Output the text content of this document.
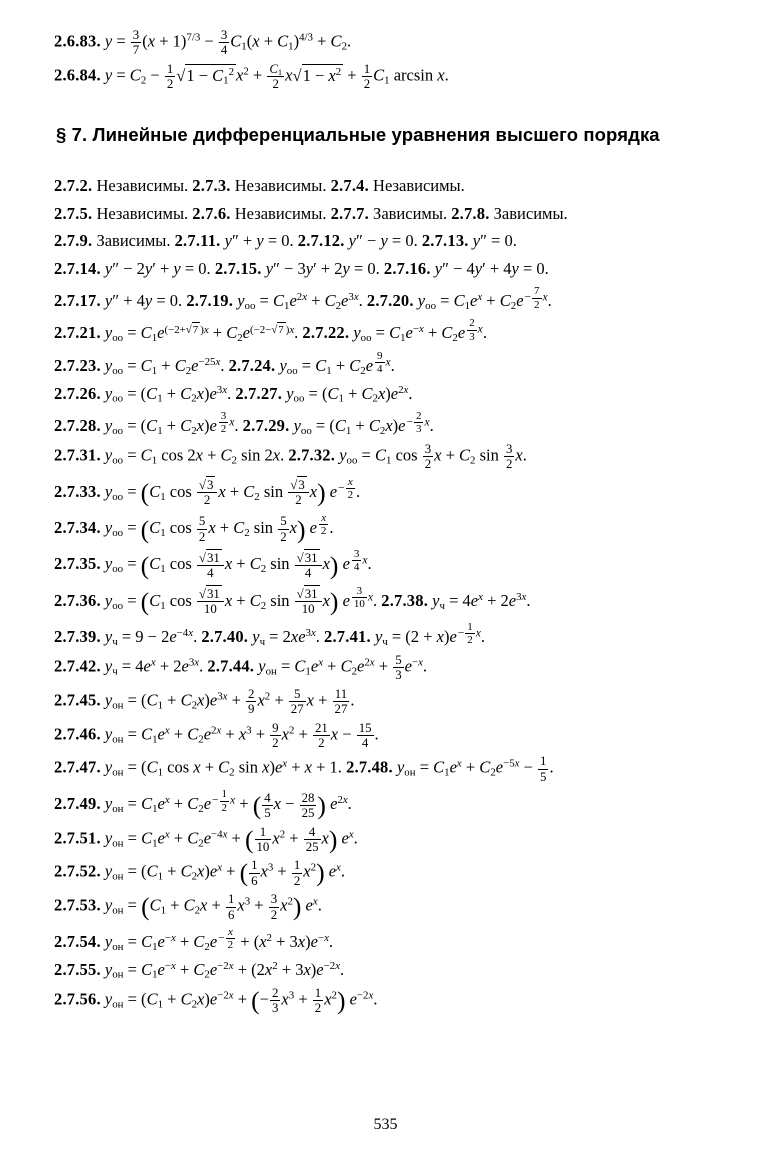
2.6.83. $y = \frac{3}{7} (x + 1)^{7/3} - \frac{3}{4} C_1(x + C_1)^{4/3} + C_2$.
2.6.84. $y = C_2 - \frac{1}{2} √1 - C_1^2$ $x^2 + \frac{C_1}{2} x√1 - x^2 + \frac{1}{2} C_1$ arcsin x.
§ 7. Линейные дифференциальные уравнения высшего порядка
2.7.2. Независимы. 2.7.3. Независимы. 2.7.4. Независимы.
2.7.5. Независимы. 2.7.6. Независимы. 2.7.7. Зависимы. 2.7.8. Зависимы.
2.7.9. Зависимы. 2.7.11. y″ + y = 0. 2.7.12. y″ − y = 0. 2.7.13. y″ = 0.
2.7.14. y″ − 2y′ + y = 0. 2.7.15. y″ − 3y′ + 2y = 0. 2.7.16. y″ − 4y′ + 4y = 0.
2.7.17. y″ + 4y = 0. 2.7.19. $y_{оо} = C_1e^{2x} + C_2e^{3x}$. 2.7.20. $y_{оо} = C_1e^x + C_2e- \frac{7}{2} x$.
2.7.21. $y_{оо} = C_1e^{(-2+√7 )x} + C_2e^{(-2-√7 )x}$. 2.7.22. $y_{оо} = C_1e^{-x} + C_2e \frac{2}{3} x$.
2.7.23. $y_{оо} = C_1 + C_2e^{-25x}$. 2.7.24. $y_{оо} = C_1 + C_2e \frac{9}{4} x$.
2.7.26. $y_{оо} = (C_1 + C_2x)e^{3x}$. 2.7.27. $y_{оо} = (C_1 + C_2x)e^{2x}$.
2.7.28. $y_{оо} = (C_1 + C_2x)e \frac{3}{2} x$. 2.7.29. $y_{оо} = (C_1 + C_2x)e- \frac{2}{3} x$.
2.7.31. $y_{оо} = C_1$ $\cos 2x + C_2$ sin 2x. 2.7.32. $y_{оо} = C_1$ $\cos \frac{3}{2}$ $x + C_2$ $\sin \frac{3}{2} x$.
2.7.33. $y_{оо} = (C_1$ $\cos \frac{√3}{2}$ $x + C_2$ $\sin \frac{√3}{2} x$) $e- \frac{x}{2}$ .
2.7.34. $y_{оо} = (C_1$ $\cos \frac{5}{2}$ $x + C_2$ $\sin \frac{5}{2} x$) e $\frac{x}{2}$ .
2.7.35. $y_{оо} = (C_1$ $\cos \frac{√31}{4}$ $x + C_2$ $\sin \frac{√31}{4} x$) e $\frac{3}{4} x$.
2.7.36. $y_{оо} = (C_1$ $\cos \frac{√31}{10}$ $x + C_2$ $\sin \frac{√31}{10} x$) e $\frac{3}{10} x$. 2.7.38. $y_ч = 4e^x + 2e^{3x}$.
2.7.39. $y_ч = 9 - 2e^{-4x}$. 2.7.40. $y_ч = 2xe^{3x}$. 2.7.41. $y_ч = (2 + x)e- \frac{1}{2} x$.
2.7.42. $y_ч = 4e^x + 2e^{3x}$. 2.7.44. $y_{он} = C_1e^x + C_2e^{2x} + \frac{5}{3} e^{-x}$.
2.7.45. $y_{он} = (C_1 + C_2x)e^{3x} + \frac{2}{9} x^2 + \frac{5}{27}$ $x + \frac{11}{27}$ .
2.7.46. $y_{он} = C_1e^x + C_2e^{2x} + x^3 + \frac{9}{2} x^2 + \frac{21}{2}$ $x - \frac{15}{4}$ .
2.7.47. $y_{он} = (C_1$ $\cos x + C_2$ $\sin x)e^x + x + 1$. 2.7.48. $y_{он} = C_1e^x + C_2e^{-5x} - \frac{1}{5}$ .
2.7.49. $y_{он} = C_1e^x + C_2e- \frac{1}{2}$ x + ( $\frac{4}{5}$ $x - \frac{28}{25}$ ) $e^{2x}$.
2.7.51. $y_{он} = C_1e^x + C_2e^{-4x}$ + ( $\frac{1}{10} x^2 + \frac{4}{25} x$) $e^x$.
2.7.52. $y_{он} = (C_1 + C_2x)e^x$ + ( $\frac{1}{6} x^3 + \frac{1}{2} x^2$) $e^x$.
2.7.53. $y_{он} = (C_1 + C_2x + \frac{1}{6} x^3 + \frac{3}{2} x^2)$ $e^x$.
2.7.54. $y_{он} = C_1e^{-x} + C_2e- \frac{x}{2} + (x^2 + 3x)e^{-x}$.
2.7.55. $y_{он} = C_1e^{-x} + C_2e^{-2x} + (2x^2 + 3x)e^{-2x}$.
2.7.56. $y_{он} = (C_1 + C_2x)e^{-2x}$ + (− $\frac{2}{3} x^3 + \frac{1}{2} x^2$) $e^{-2x}$.
535
